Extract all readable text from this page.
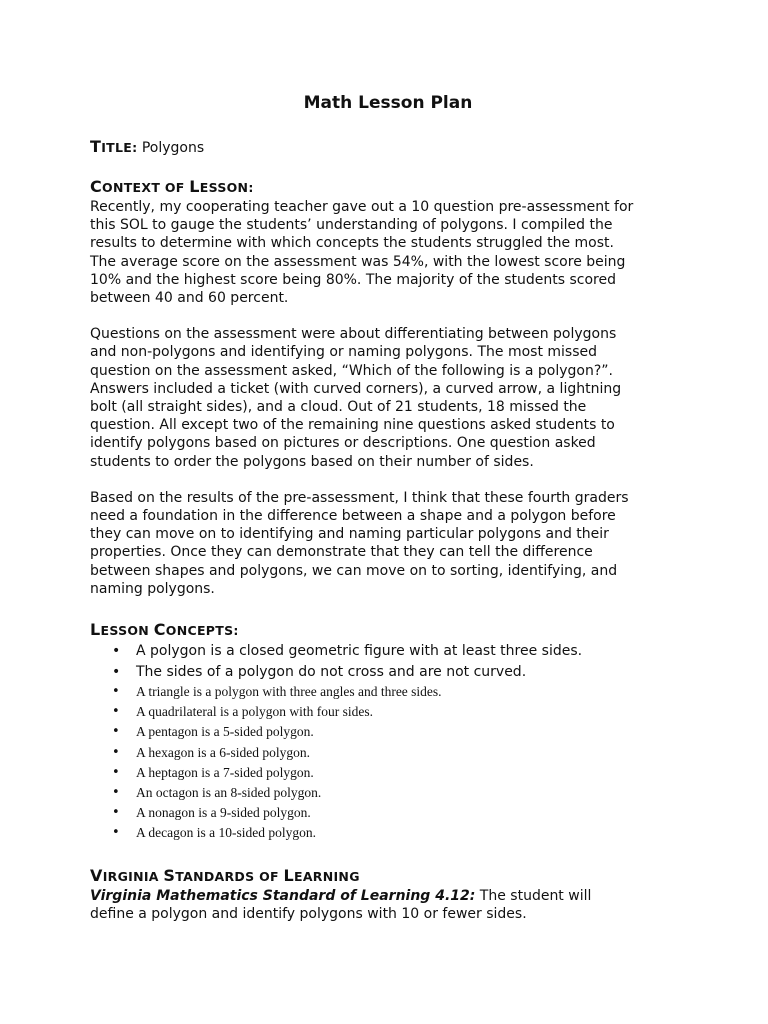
Math Lesson Plan
TITLE: Polygons
CONTEXT OF LESSON:
Recently, my cooperating teacher gave out a 10 question pre-assessment for
this SOL to gauge the students’ understanding of polygons. I compiled the
results to determine with which concepts the students struggled the most.
The average score on the assessment was 54%, with the lowest score being
10% and the highest score being 80%. The majority of the students scored
between 40 and 60 percent.
Questions on the assessment were about differentiating between polygons
and non-polygons and identifying or naming polygons. The most missed
question on the assessment asked, “Which of the following is a polygon?”.
Answers included a ticket (with curved corners), a curved arrow, a lightning
bolt (all straight sides), and a cloud. Out of 21 students, 18 missed the
question. All except two of the remaining nine questions asked students to
identify polygons based on pictures or descriptions. One question asked
students to order the polygons based on their number of sides.
Based on the results of the pre-assessment, I think that these fourth graders
need a foundation in the difference between a shape and a polygon before
they can move on to identifying and naming particular polygons and their
properties. Once they can demonstrate that they can tell the difference
between shapes and polygons, we can move on to sorting, identifying, and
naming polygons.
LESSON CONCEPTS:
• A polygon is a closed geometric figure with at least three sides.
• The sides of a polygon do not cross and are not curved.
• A triangle is a polygon with three angles and three sides.
• A quadrilateral is a polygon with four sides.
• A pentagon is a 5-sided polygon.
• A hexagon is a 6-sided polygon.
• A heptagon is a 7-sided polygon.
• An octagon is an 8-sided polygon.
• A nonagon is a 9-sided polygon.
• A decagon is a 10-sided polygon.
VIRGINIA STANDARDS OF LEARNING
Virginia Mathematics Standard of Learning 4.12: The student will
define a polygon and identify polygons with 10 or fewer sides.
